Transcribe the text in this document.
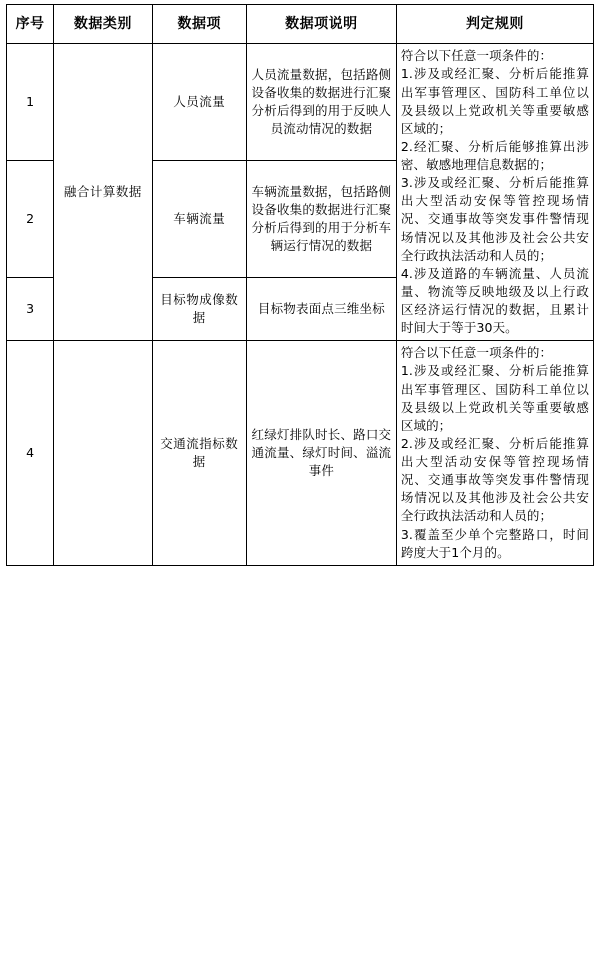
序号	数据类别	数据项	数据项说明	判定规则
1	融合计算数据	人员流量	人员流量数据，包括路侧设备收集的数据进行汇聚分析后得到的用于反映人员流动情况的数据	符合以下任意一项条件的：
1.涉及或经汇聚、分析后能推算出军事管理区、国防科工单位以及县级以上党政机关等重要敏感区域的；
2.经汇聚、分析后能够推算出涉密、敏感地理信息数据的；
3.涉及或经汇聚、分析后能推算出大型活动安保等管控现场情况、交通事故等突发事件警情现场情况以及其他涉及社会公共安全行政执法活动和人员的；
4.涉及道路的车辆流量、人员流量、物流等反映地级及以上行政区经济运行情况的数据，且累计时间大于等于30天。

2		车辆流量	车辆流量数据，包括路侧设备收集的数据进行汇聚分析后得到的用于分析车辆运行情况的数据	
3		目标物成像数据	目标物表面点三维坐标	
4		交通流指标数据	红绿灯排队时长、路口交通流量、绿灯时间、溢流事件	符合以下任意一项条件的：
1.涉及或经汇聚、分析后能推算出军事管理区、国防科工单位以及县级以上党政机关等重要敏感区域的；
2.涉及或经汇聚、分析后能推算出大型活动安保等管控现场情况、交通事故等突发事件警情现场情况以及其他涉及社会公共安全行政执法活动和人员的；
3.覆盖至少单个完整路口，时间跨度大于1个月的。
